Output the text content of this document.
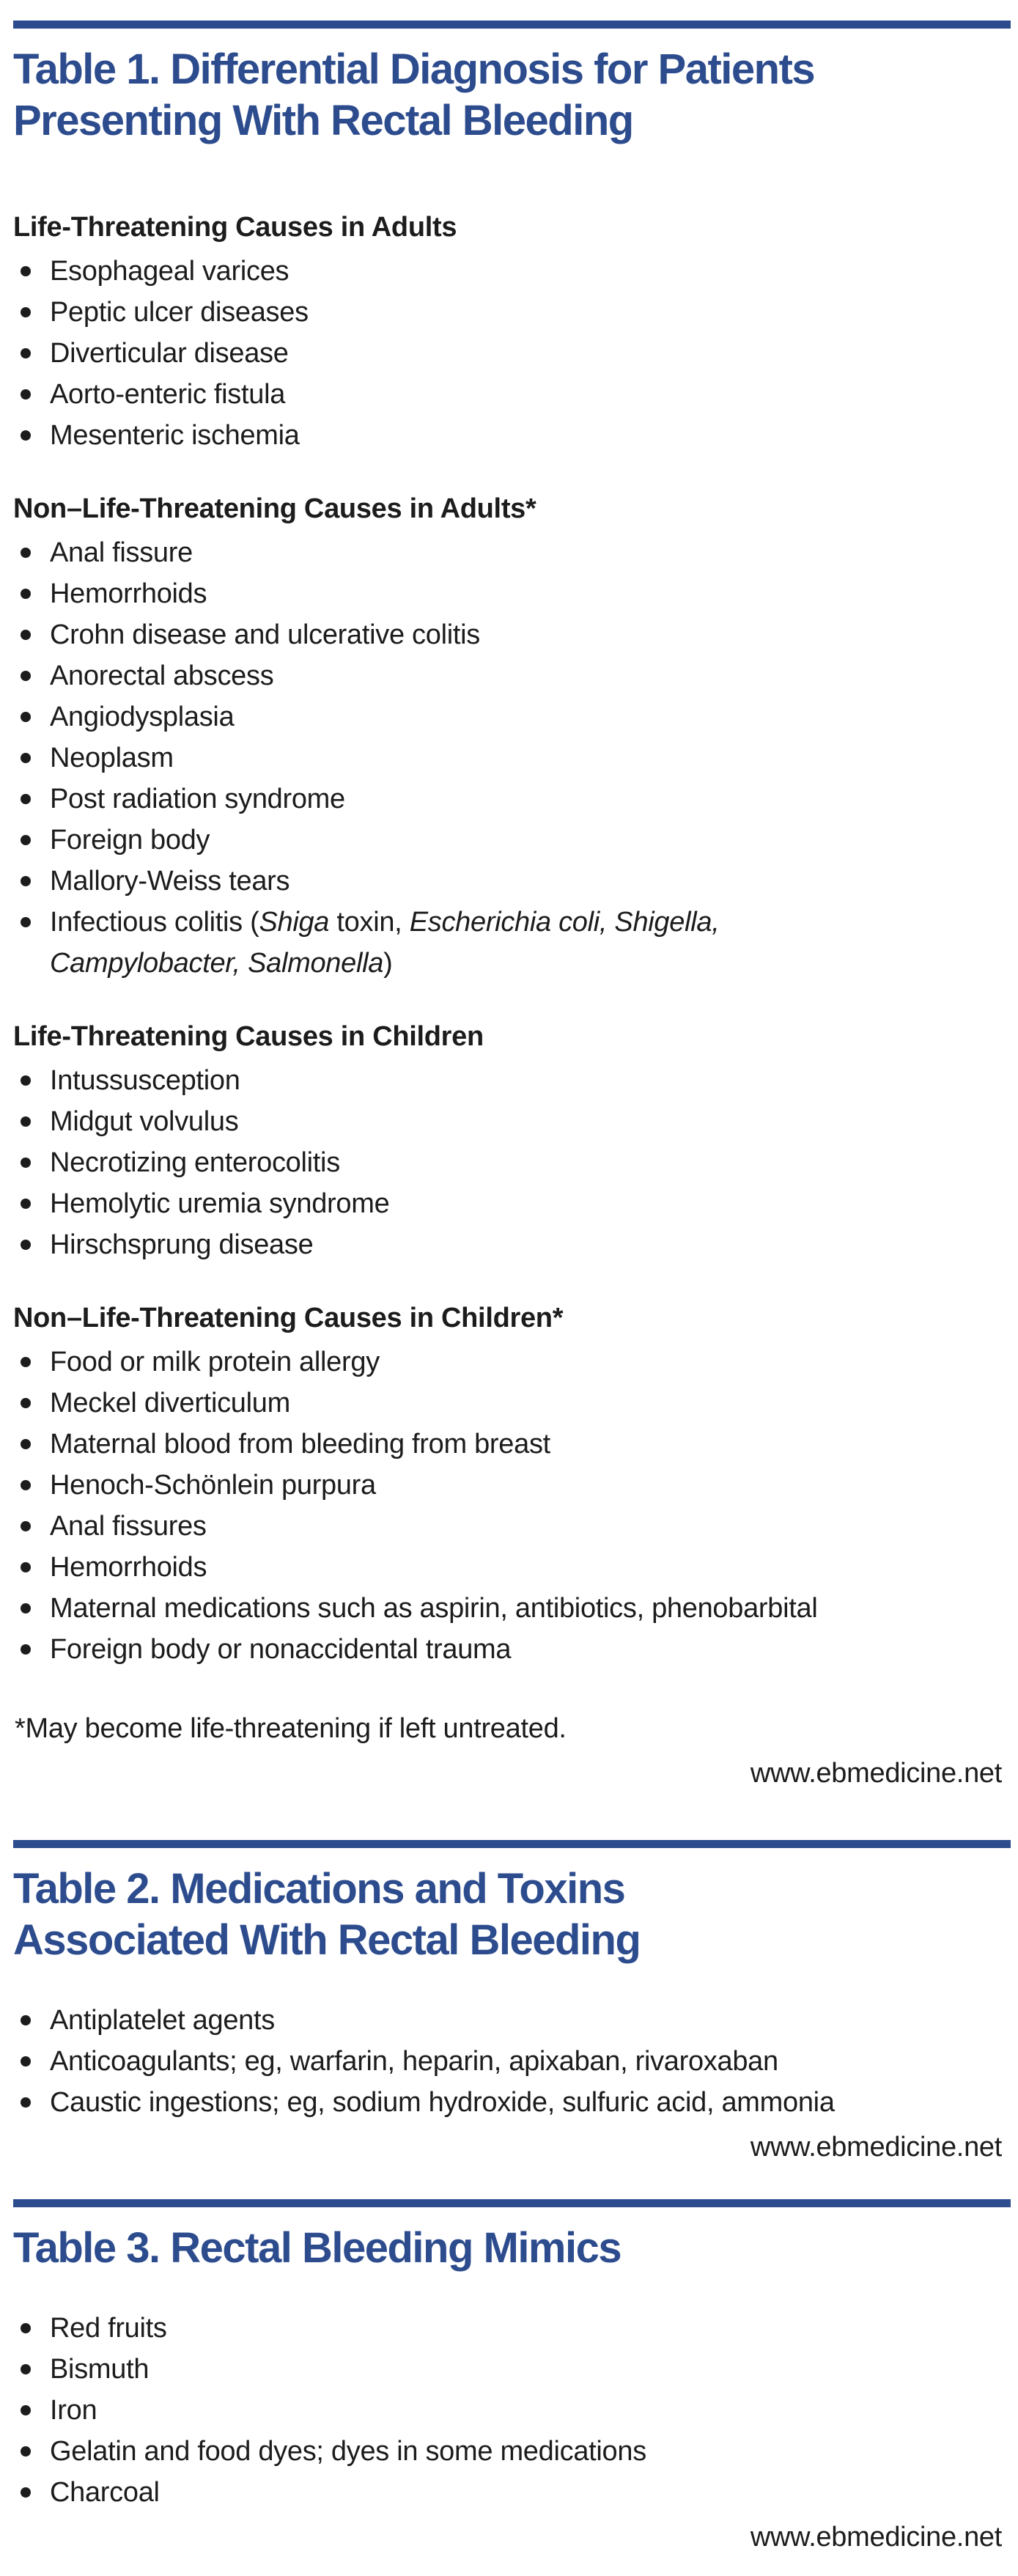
Table 1. Differential Diagnosis for Patients
Presenting With Rectal Bleeding
Life-Threatening Causes in Adults
Esophageal varices
Peptic ulcer diseases
Diverticular disease
Aorto-enteric fistula
Mesenteric ischemia
Non–Life-Threatening Causes in Adults*
Anal fissure
Hemorrhoids
Crohn disease and ulcerative colitis
Anorectal abscess
Angiodysplasia
Neoplasm
Post radiation syndrome
Foreign body
Mallory-Weiss tears
Infectious colitis (Shiga toxin, Escherichia coli, Shigella,
Campylobacter, Salmonella)
Life-Threatening Causes in Children
Intussusception
Midgut volvulus
Necrotizing enterocolitis
Hemolytic uremia syndrome
Hirschsprung disease
Non–Life-Threatening Causes in Children*
Food or milk protein allergy
Meckel diverticulum
Maternal blood from bleeding from breast
Henoch-Schönlein purpura
Anal fissures
Hemorrhoids
Maternal medications such as aspirin, antibiotics, phenobarbital
Foreign body or nonaccidental trauma
*May become life-threatening if left untreated.
www.ebmedicine.net
Table 2. Medications and Toxins
Associated With Rectal Bleeding
Antiplatelet agents
Anticoagulants; eg, warfarin, heparin, apixaban, rivaroxaban
Caustic ingestions; eg, sodium hydroxide, sulfuric acid, ammonia
www.ebmedicine.net
Table 3. Rectal Bleeding Mimics
Red fruits
Bismuth
Iron
Gelatin and food dyes; dyes in some medications
Charcoal
www.ebmedicine.net
